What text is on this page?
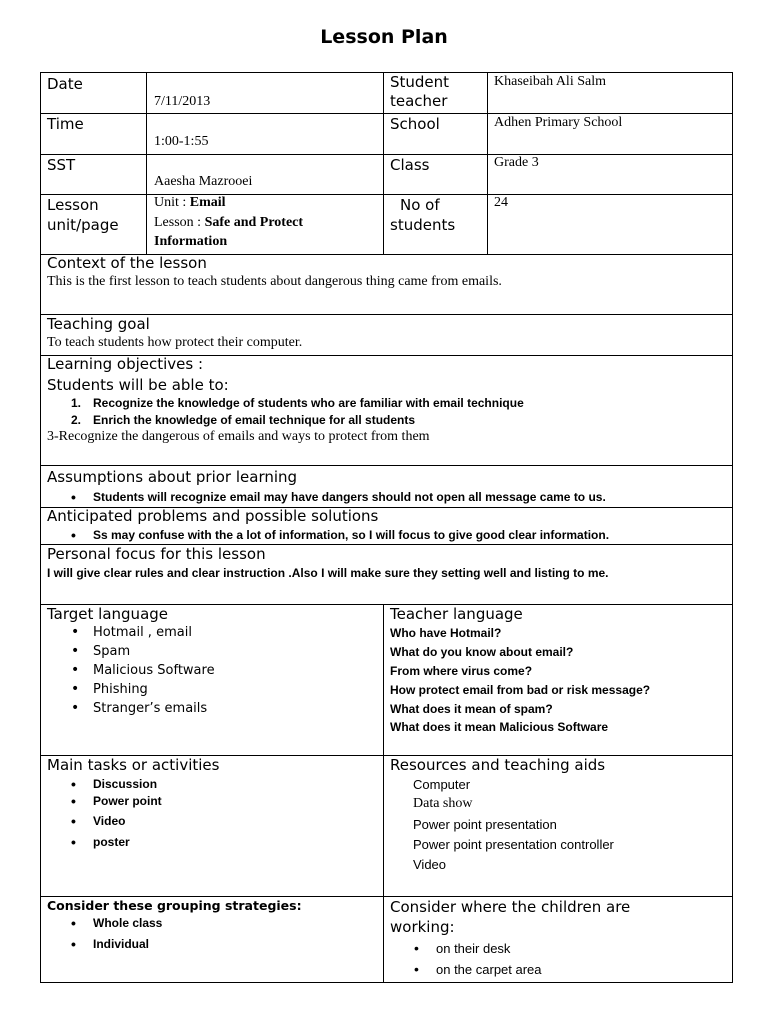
Lesson Plan

Date

7/11/2013

Student

teacher

Khaseibah Ali Salm

Time

1:00-1:55

School	Adhen Primary School

SST

Aaesha Mazrooei

Class	Grade 3

Lesson

unit/page

Unit : Email

Lesson : Safe and Protect

Information

No of

students

24

Context of the lesson

This is the first lesson to teach students about dangerous thing came from emails.

Teaching goal

To teach students how protect their computer.

Learning objectives :

Students will be able to:

1. Recognize the knowledge of students who are familiar with email technique

2. Enrich the knowledge of email technique for all students

3-Recognize the dangerous of emails and ways to protect from them

Assumptions about prior learning

• Students will recognize email may have dangers should not open all message came to us.

Anticipated problems and possible solutions

• Ss may confuse with the a lot of information, so I will focus to give good clear information.

Personal focus for this lesson

I will give clear rules and clear instruction .Also I will make sure they setting well and listing to me.

Target language

• Hotmail , email

• Spam

• Malicious Software

• Phishing

• Stranger’s emails

Teacher language

Who have Hotmail?

What do you know about email?

From where virus come?

How protect email from bad or risk message?

What does it mean of spam?

What does it mean Malicious Software

Main tasks or activities

• Discussion

• Power point

• Video

• poster

Resources and teaching aids

Computer

Data show

Power point presentation

Power point presentation controller

Video

Consider these grouping strategies:

• Whole class

• Individual

Consider where the children are

working:

• on their desk

• on the carpet area
